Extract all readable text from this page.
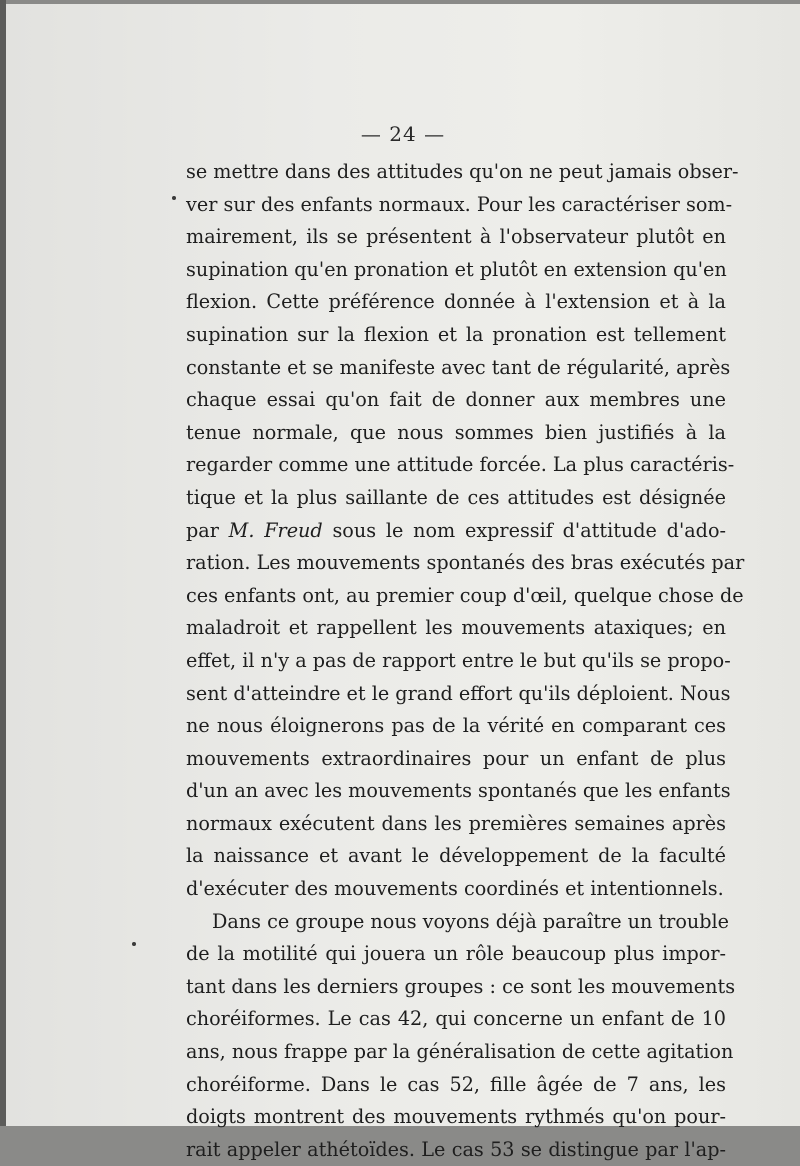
— 24 —
se mettre dans des attitudes qu'on ne peut jamais obser-
ver sur des enfants normaux. Pour les caractériser som-
mairement, ils se présentent à l'observateur plutôt en
supination qu'en pronation et plutôt en extension qu'en
flexion. Cette préférence donnée à l'extension et à la
supination sur la flexion et la pronation est tellement
constante et se manifeste avec tant de régularité, après
chaque essai qu'on fait de donner aux membres une
tenue normale, que nous sommes bien justifiés à la
regarder comme une attitude forcée. La plus caractéris-
tique et la plus saillante de ces attitudes est désignée
par M. Freud sous le nom expressif d'attitude d'ado-
ration. Les mouvements spontanés des bras exécutés par
ces enfants ont, au premier coup d'œil, quelque chose de
maladroit et rappellent les mouvements ataxiques; en
effet, il n'y a pas de rapport entre le but qu'ils se propo-
sent d'atteindre et le grand effort qu'ils déploient. Nous
ne nous éloignerons pas de la vérité en comparant ces
mouvements extraordinaires pour un enfant de plus
d'un an avec les mouvements spontanés que les enfants
normaux exécutent dans les premières semaines après
la naissance et avant le développement de la faculté
d'exécuter des mouvements coordinés et intentionnels.
Dans ce groupe nous voyons déjà paraître un trouble
de la motilité qui jouera un rôle beaucoup plus impor-
tant dans les derniers groupes : ce sont les mouvements
choréiformes. Le cas 42, qui concerne un enfant de 10
ans, nous frappe par la généralisation de cette agitation
choréiforme. Dans le cas 52, fille âgée de 7 ans, les
doigts montrent des mouvements rythmés qu'on pour-
rait appeler athétoïdes. Le cas 53 se distingue par l'ap-
